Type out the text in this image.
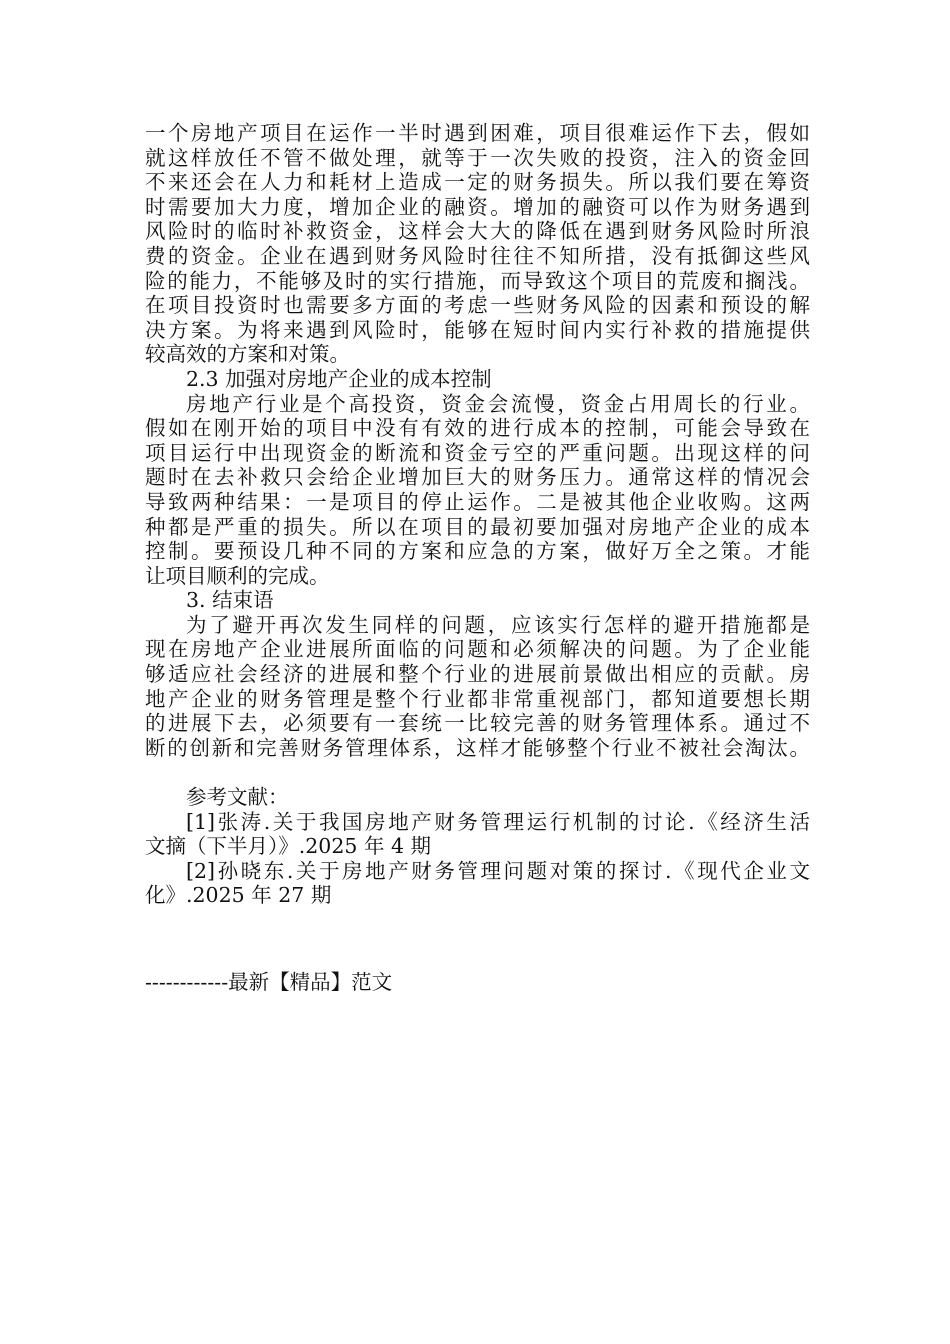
一个房地产项目在运作一半时遇到困难，项目很难运作下去，假如
就这样放任不管不做处理，就等于一次失败的投资，注入的资金回
不来还会在人力和耗材上造成一定的财务损失。所以我们要在筹资
时需要加大力度，增加企业的融资。增加的融资可以作为财务遇到
风险时的临时补救资金，这样会大大的降低在遇到财务风险时所浪
费的资金。企业在遇到财务风险时往往不知所措，没有抵御这些风
险的能力，不能够及时的实行措施，而导致这个项目的荒废和搁浅。
在项目投资时也需要多方面的考虑一些财务风险的因素和预设的解
决方案。为将来遇到风险时，能够在短时间内实行补救的措施提供
较高效的方案和对策。
2.3 加强对房地产企业的成本控制
房地产行业是个高投资，资金会流慢，资金占用周长的行业。
假如在刚开始的项目中没有有效的进行成本的控制，可能会导致在
项目运行中出现资金的断流和资金亏空的严重问题。出现这样的问
题时在去补救只会给企业增加巨大的财务压力。通常这样的情况会
导致两种结果：一是项目的停止运作。二是被其他企业收购。这两
种都是严重的损失。所以在项目的最初要加强对房地产企业的成本
控制。要预设几种不同的方案和应急的方案，做好万全之策。才能
让项目顺利的完成。
3. 结束语
为了避开再次发生同样的问题，应该实行怎样的避开措施都是
现在房地产企业进展所面临的问题和必须解决的问题。为了企业能
够适应社会经济的进展和整个行业的进展前景做出相应的贡献。房
地产企业的财务管理是整个行业都非常重视部门，都知道要想长期
的进展下去，必须要有一套统一比较完善的财务管理体系。通过不
断的创新和完善财务管理体系，这样才能够整个行业不被社会淘汰。
参考文献：
[1]张涛.关于我国房地产财务管理运行机制的讨论.《经济生活
文摘（下半月）》.2025 年 4 期
[2]孙晓东.关于房地产财务管理问题对策的探讨.《现代企业文
化》.2025 年 27 期
------------最新【精品】范文
